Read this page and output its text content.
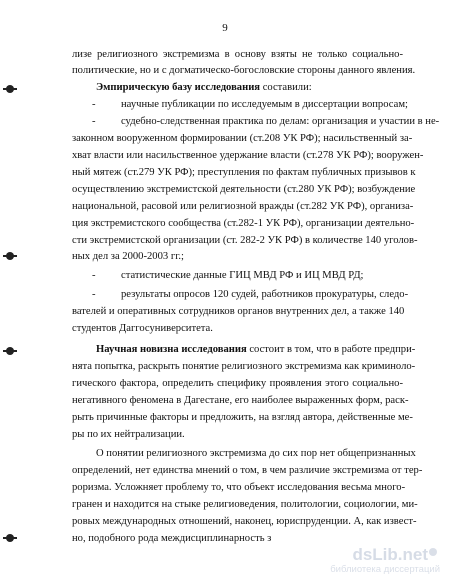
9
лизе религиозного экстремизма в основу взяты не только социально-
политические, но и с догматическо-богословские стороны данного явления.
Эмпирическую базу исследования составили:
- научные публикации по исследуемым в диссертации вопросам;
- судебно-следственная практика по делам: организация и участии в не-
законном вооруженном формировании (ст.208 УК РФ); насильственный за-
хват власти или насильственное удержание власти (ст.278 УК РФ); вооружен-
ный мятеж (ст.279 УК РФ); преступления по фактам публичных призывов к
осуществлению экстремистской деятельности (ст.280 УК РФ); возбуждение
национальной, расовой или религиозной вражды (ст.282 УК РФ), организа-
ция экстремистского сообщества (ст.282-1 УК РФ), организации деятельно-
сти экстремистской организации (ст. 282-2 УК РФ) в количестве 140 уголов-
ных дел за 2000-2003 гг.;
- статистические данные ГИЦ МВД РФ и ИЦ МВД РД;
- результаты опросов 120 судей, работников прокуратуры, следо-
вателей и оперативных сотрудников органов внутренних дел, а также 140
студентов Даггосуниверситета.
Научная новизна исследования состоит в том, что в работе предпри-
нята попытка, раскрыть понятие религиозного экстремизма как криминоло-
гического фактора, определить специфику проявления этого социально-
негативного феномена в Дагестане, его наиболее выраженных форм, раск-
рыть причинные факторы и предложить, на взгляд автора, действенные ме-
ры по их нейтрализации.
О понятии религиозного экстремизма до сих пор нет общепризнанных
определений, нет единства мнений о том, в чем различие экстремизма от тер-
роризма. Усложняет проблему то, что объект исследования весьма много-
гранен и находится на стыке религиоведения, политологии, социологии, ми-
ровых международных отношений, наконец, юриспруденции. А, как извест-
но, подобного рода междисциплинарность з
dsLib.net
библиотека диссертаций
